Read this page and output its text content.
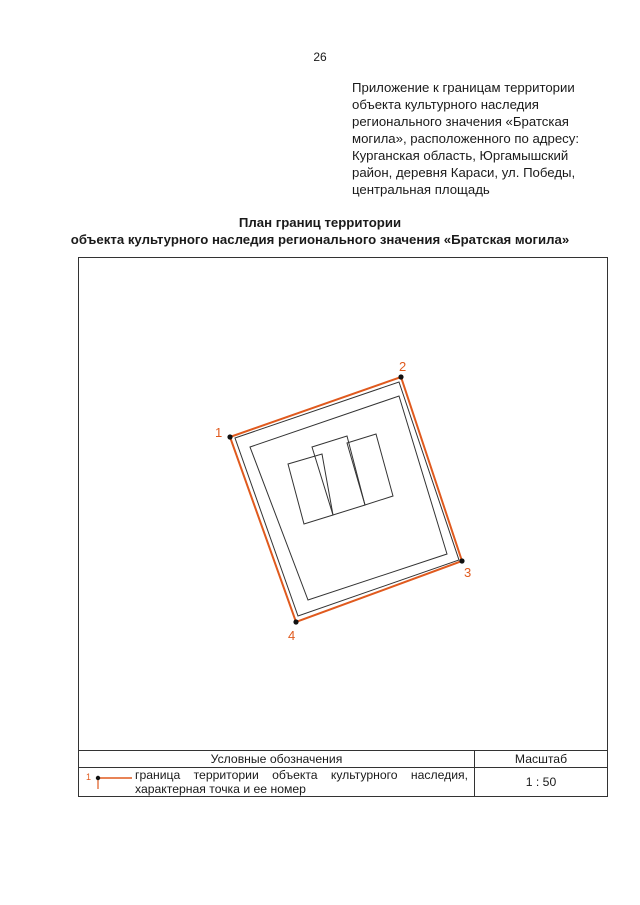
26
Приложение к границам территории
объекта культурного наследия
регионального значения «Братская
могила», расположенного по адресу:
Курганская область, Юргамышский
район, деревня Караси, ул. Победы,
центральная площадь
План границ территории
объекта культурного наследия регионального значения «Братская могила»
1
2
3
4
Условные обозначения		Масштаб

1	граница территории объекта культурного наследия,
характерная точка и ее номер	1 : 50
